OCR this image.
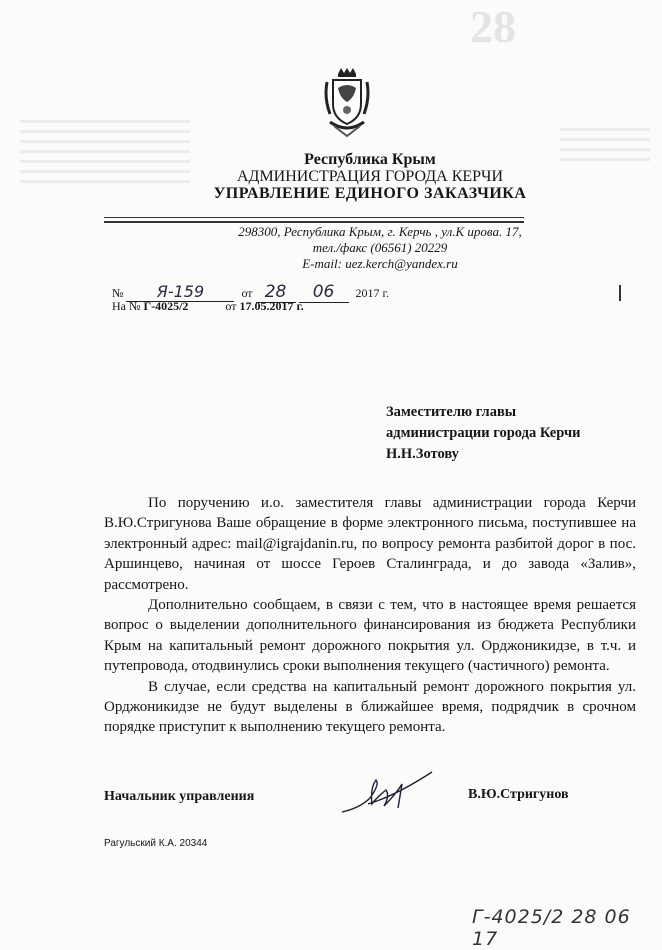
28
Республика Крым
АДМИНИСТРАЦИЯ ГОРОДА КЕРЧИ
УПРАВЛЕНИЕ ЕДИНОГО ЗАКАЗЧИКА
298300, Республика Крым, г. Керчь , ул.К ирова. 17,
тел./факс (06561) 20229
E-mail: uez.kerch@yandex.ru
№ Я-159	от 28 06 2017 г.
На № Г-4025/2	от 17.05.2017 г.
Заместителю главы
администрации города Керчи
Н.Н.Зотову

По поручению и.о. заместителя главы администрации города Керчи В.Ю.Стригунова Ваше обращение в форме электронного письма, поступившее на электронный адрес: mail@igrajdanin.ru, по вопросу ремонта разбитой дорог в пос. Аршинцево, начиная от шоссе Героев Сталинграда, и до завода «Залив», рассмотрено.

Дополнительно сообщаем, в связи с тем, что в настоящее время решается вопрос о выделении дополнительного финансирования из бюджета Республики Крым на капитальный ремонт дорожного покрытия ул. Орджоникидзе, в т.ч. и путепровода, отодвинулись сроки выполнения текущего (частичного) ремонта.

В случае, если средства на капитальный ремонт дорожного покрытия ул. Орджоникидзе не будут выделены в ближайшее время, подрядчик в срочном порядке приступит к выполнению текущего ремонта.

Начальник управления	В.Ю.Стригунов
Рагульский К.А. 20344
Г-4025/2 28 06 17
